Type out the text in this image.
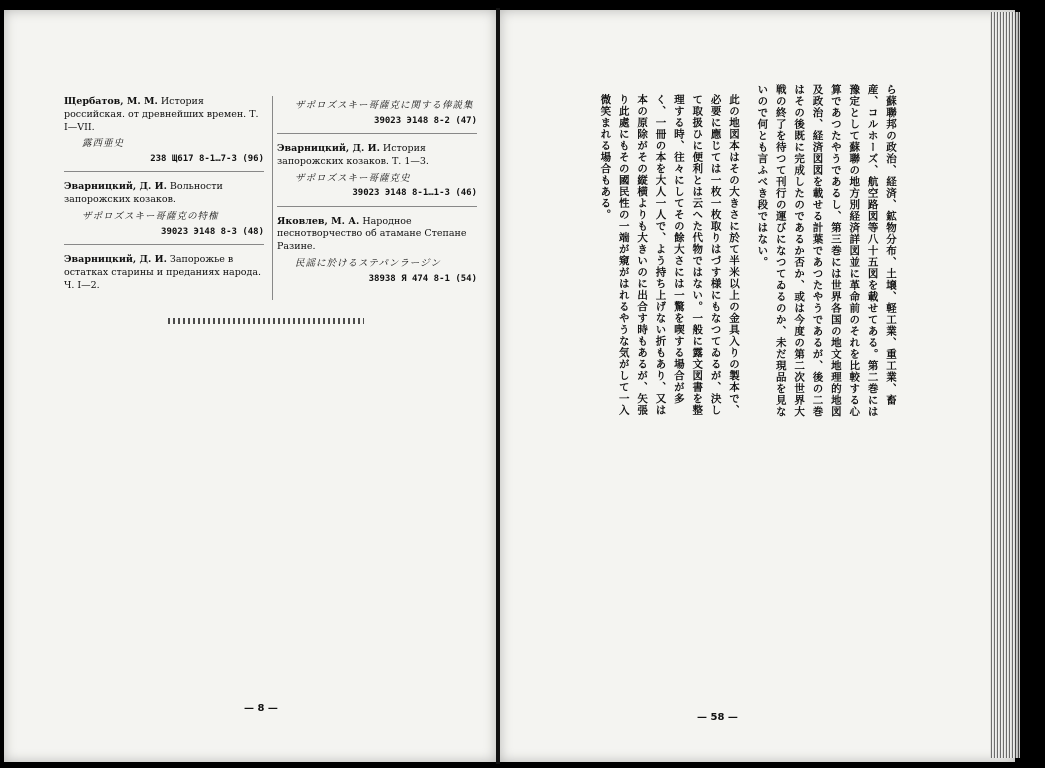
Щербатов, М. М. История российская. от древнейших времен. Т. I—VII.
露西亜史
238 Щ617 8-1…7-3 (96)
Эварницкий, Д. И. Вольности запорожских козаков.
ザポロズスキー哥薩克の特権
39023 Э148 8-3 (48)
Эварницкий, Д. И. Запорожье в остатках старины и преданиях народа. Ч. I—2.
ザポロズスキー哥薩克に関する俸説集
39023 Э148 8-2 (47)
Эварницкий, Д. И. История запорожских козаков. Т. 1—3.
ザポロズスキー哥薩克史
39023 Э148 8-1…1-3 (46)
Яковлев, М. А. Народное песнотворчество об атамане Степане Разине.
民謡に於けるステパンラージン
38938 Я 474 8-1 (54)
— 8 —

ら蘇聯邦の政治、経済、鉱物分布、土壌、軽工業、重工業、畜産、コルホーズ、航空路図等八十五図を載せてある。第二巻には豫定として蘇聯の地方別経済詳図並に革命前のそれを比較する心算であつたやうであるし、第三巻には世界各国の地文地理的地図及政治、経済図図を載せる計葉であつたやうであるが、後の二巻はその後既に完成したのであるか否か、或は今度の第二次世界大戦の終了を待つて刊行の運びになつてゐるのか、未だ現品を見ないので何とも言ふべき段ではない。

此の地図本はその大きさに於て半米以上の金具入りの製本で、必要に應じては一枚一枚取りはづす様にもなつてゐるが、決して取扱ひに便利とは云へた代物ではない。一般に露文図書を整理する時、往々にしてその餘大さには一驚を喫する場合が多く、一冊の本を大人一人で、よう持ち上げない折もあり、又は本の原除がその縦横よりも大きいのに出合す時もあるが、矢張り此處にもその國民性の一端が窺がはれるやうな気がして一入微笑まれる場合もある。

— 58 —
